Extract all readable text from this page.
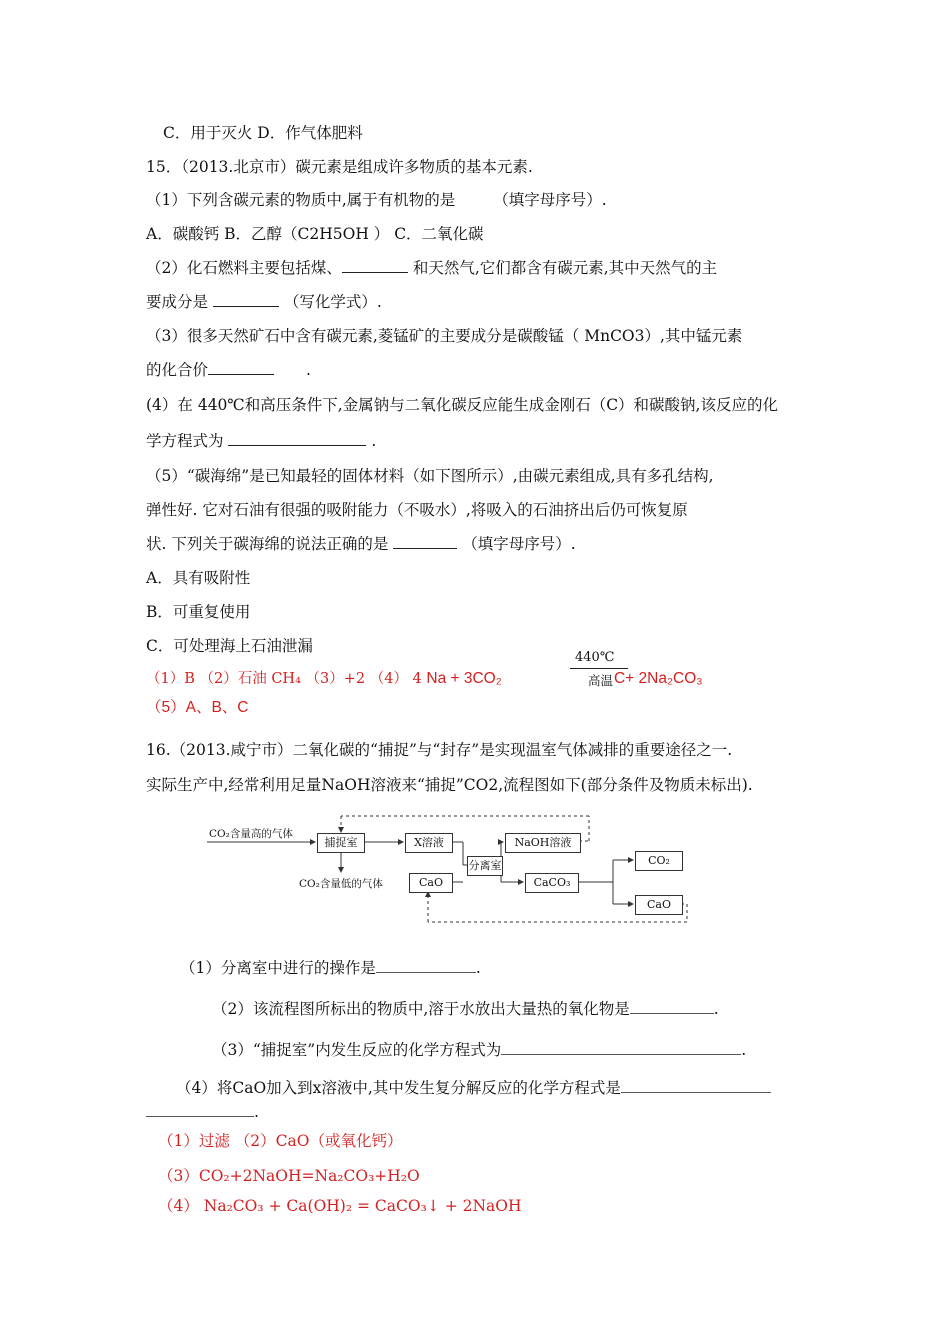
C．用于灭火 D．作气体肥料
15．（2013.北京市）碳元素是组成许多物质的基本元素.
（1）下列含碳元素的物质中,属于有机物的是 （填字母序号）.
A．碳酸钙 B．乙醇（C2H5OH ） C．二氧化碳
（2）化石燃料主要包括煤、	和天然气,它们都含有碳元素,其中天然气的主
要成分是	（写化学式）.
（3）很多天然矿石中含有碳元素,菱锰矿的主要成分是碳酸锰（ MnCO3）,其中锰元素
的化合价	.
(4）在 440℃和高压条件下,金属钠与二氧化碳反应能生成金刚石（C）和碳酸钠,该反应的化
学方程式为	.
（5）“碳海绵”是已知最轻的固体材料（如下图所示）,由碳元素组成,具有多孔结构,
弹性好. 它对石油有很强的吸附能力（不吸水）,将吸入的石油挤出后仍可恢复原
状. 下列关于碳海绵的说法正确的是	（填字母序号）.
A．具有吸附性
B．可重复使用
C．可处理海上石油泄漏
（1）B （2）石油 CH₄ （3）+2 （4） 4 Na + 3CO₂
440℃
高温 C+ 2Na₂CO₃
（5）A、B、C
16.（2013.咸宁市）二氧化碳的“捕捉”与“封存”是实现温室气体减排的重要途径之一.
实际生产中,经常利用足量NaOH溶液来“捕捉”CO2,流程图如下(部分条件及物质未标出).
CO₂含量高的气体
CO₂含量低的气体
捕捉室	X溶液
分离室
NaOH溶液
CaO	CaCO₃
CO₂
CaO
（1）分离室中进行的操作是	.
（2）该流程图所标出的物质中,溶于水放出大量热的氧化物是	.
（3）“捕捉室”内发生反应的化学方程式为	.
（4）将CaO加入到x溶液中,其中发生复分解反应的化学方程式是
.
（1）过滤 （2）CaO（或氧化钙）
（3）CO₂+2NaOH=Na₂CO₃+H₂O
（4） Na₂CO₃ + Ca(OH)₂ = CaCO₃↓ + 2NaOH
